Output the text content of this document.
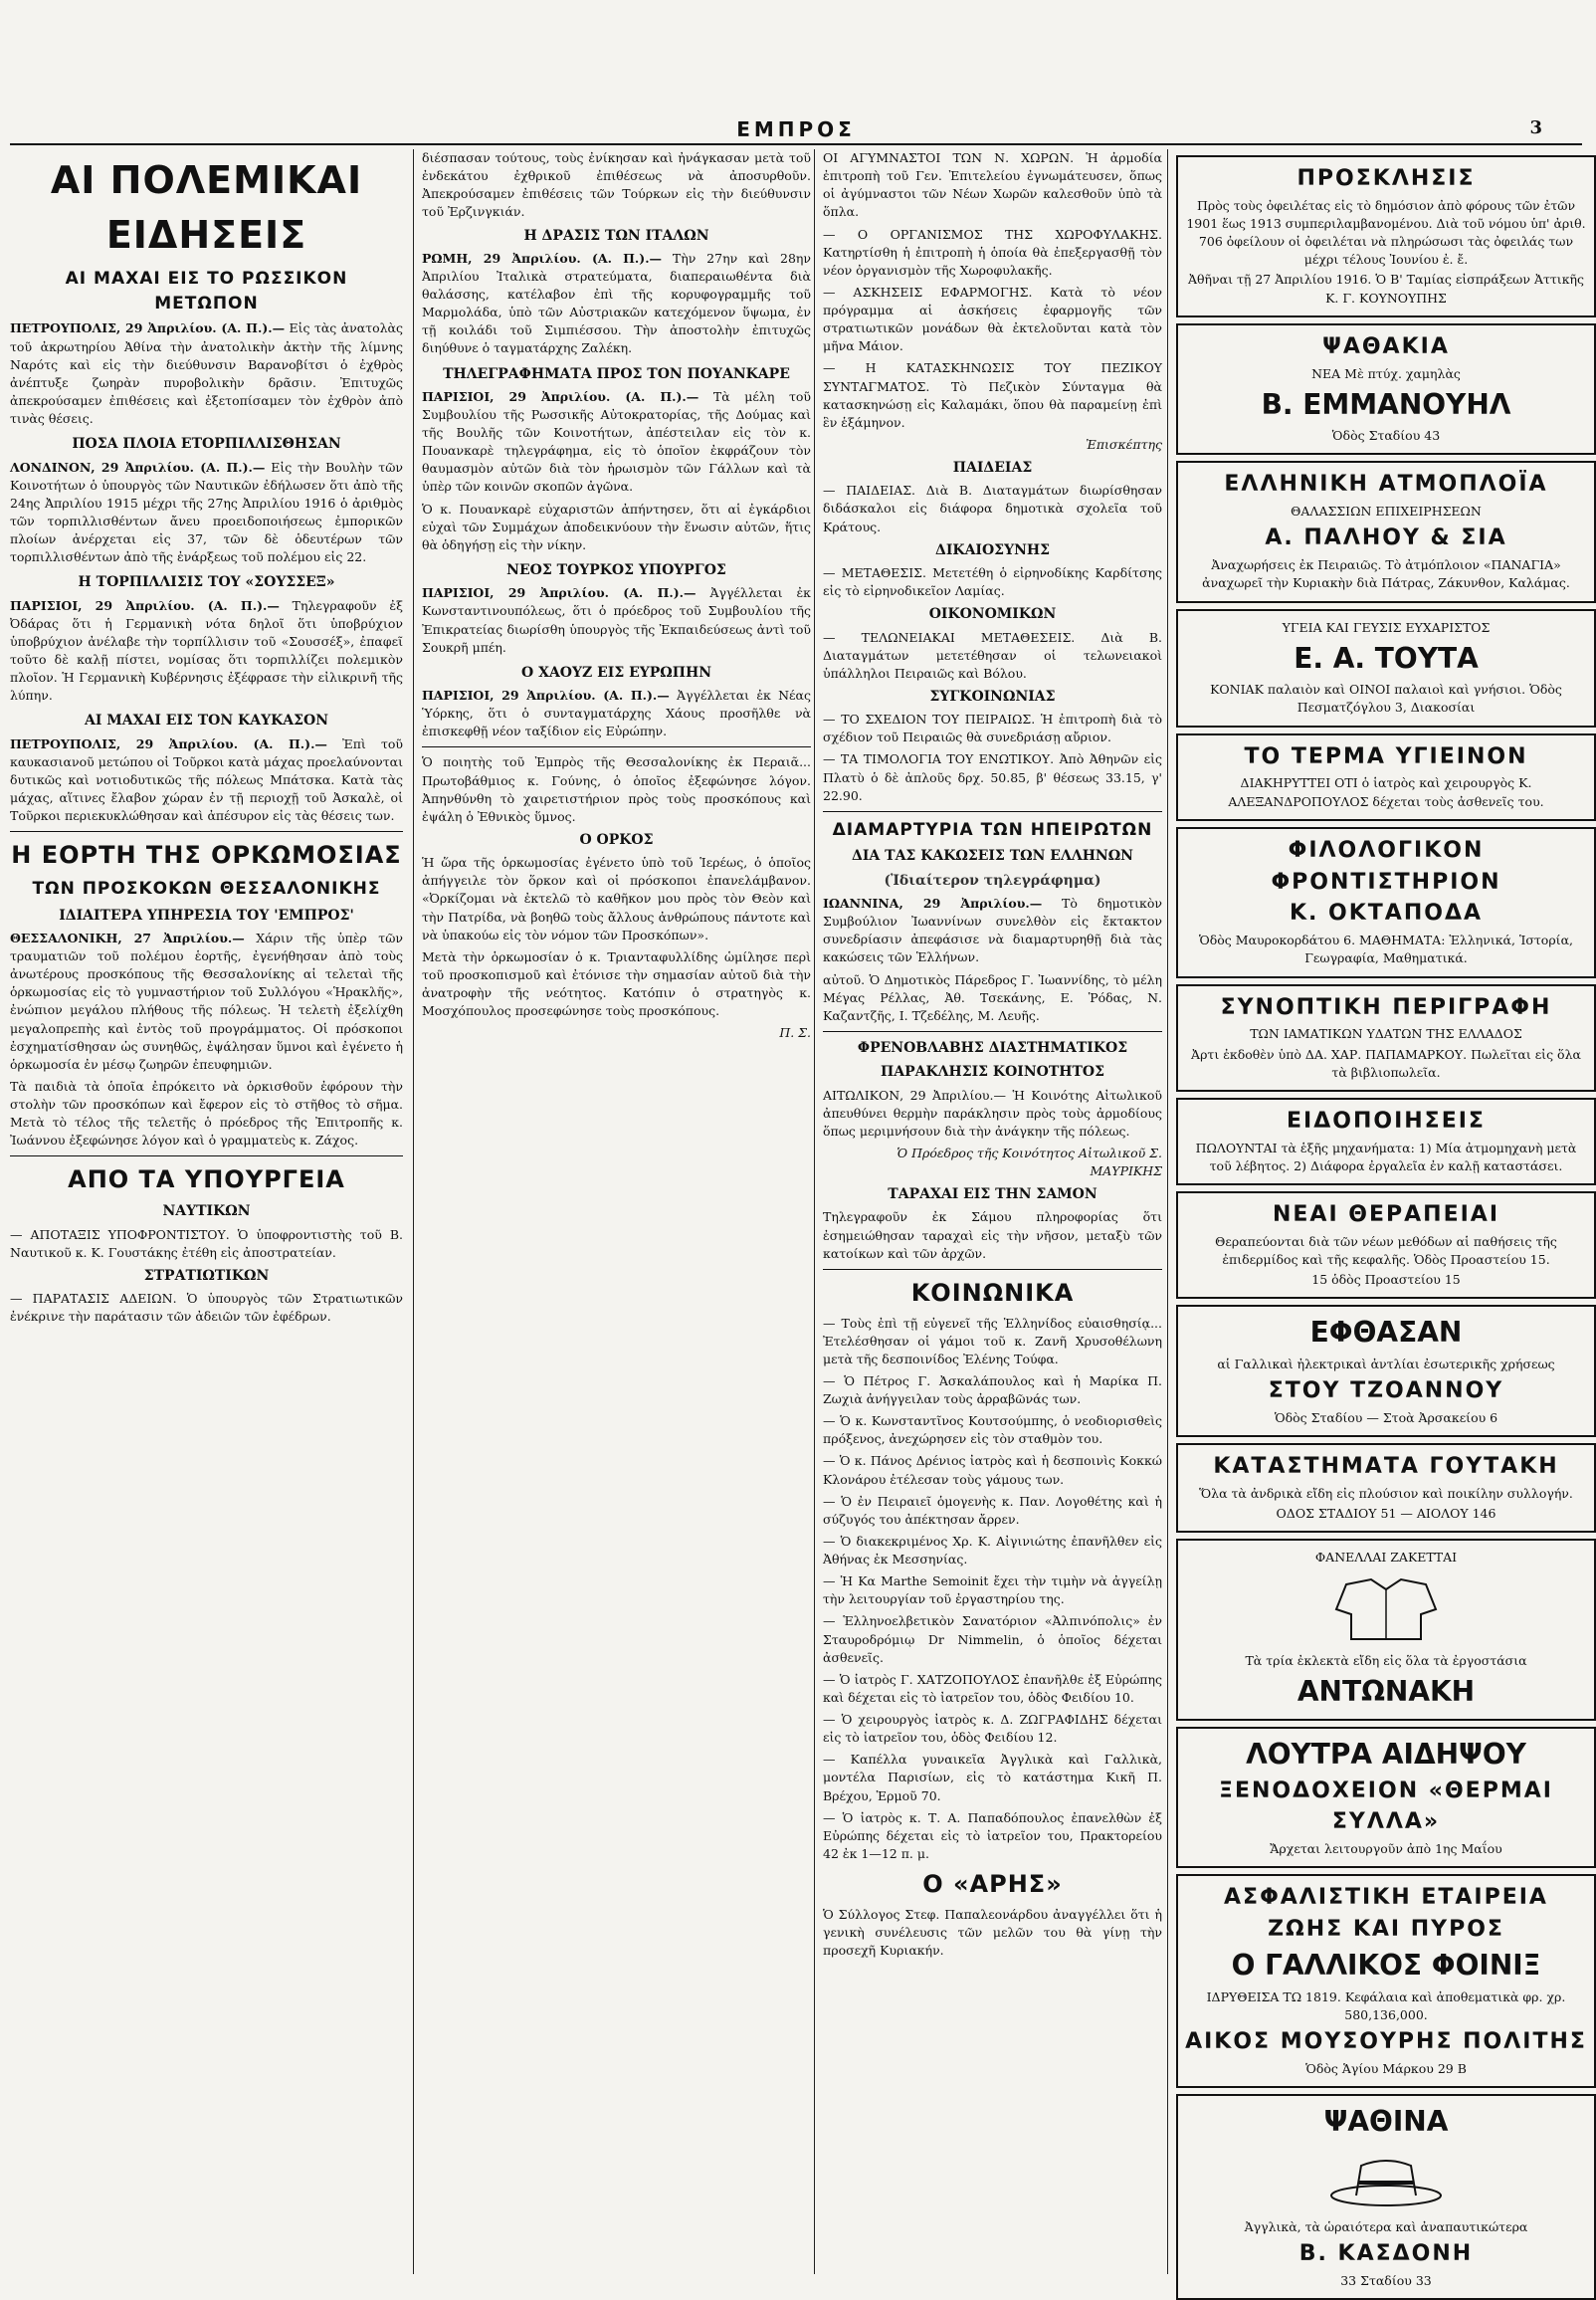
ΕΜΠΡΟΣ	3
ΑΙ ΠΟΛΕΜΙΚΑΙ ΕΙΔΗΣΕΙΣ
ΑΙ ΜΑΧΑΙ ΕΙΣ ΤΟ ΡΩΣΣΙΚΟΝ ΜΕΤΩΠΟΝ

ΠΕΤΡΟΥΠΟΛΙΣ, 29 Ἀπριλίου. (Α. Π.).— Εἰς τὰς ἀνατολὰς τοῦ ἀκρωτηρίου Ἀθίνα τὴν ἀνατολικὴν ἀκτὴν τῆς λίμνης Ναρότς καὶ εἰς τὴν διεύθυνσιν Βαρανοβίτσι ὁ ἐχθρὸς ἀνέπτυξε ζωηρὰν πυροβολικὴν δρᾶσιν. Ἐπιτυχῶς ἀπεκρούσαμεν ἐπιθέσεις καὶ ἐξετοπίσαμεν τὸν ἐχθρὸν ἀπὸ τινὰς θέσεις.

ΠΟΣΑ ΠΛΟΙΑ ΕΤΟΡΠΙΛΛΙΣΘΗΣΑΝ

ΛΟΝΔΙΝΟΝ, 29 Ἀπριλίου. (Α. Π.).— Εἰς τὴν Βουλὴν τῶν Κοινοτήτων ὁ ὑπουργὸς τῶν Ναυτικῶν ἐδήλωσεν ὅτι ἀπὸ τῆς 24ης Ἀπριλίου 1915 μέχρι τῆς 27ης Ἀπριλίου 1916 ὁ ἀριθμὸς τῶν τορπιλλισθέντων ἄνευ προειδοποιήσεως ἐμπορικῶν πλοίων ἀνέρχεται εἰς 37, τῶν δὲ ὁδευτέρων τῶν τορπιλλισθέντων ἀπὸ τῆς ἐνάρξεως τοῦ πολέμου εἰς 22.

Η ΤΟΡΠΙΛΛΙΣΙΣ ΤΟΥ «ΣΟΥΣΣΕΞ»

ΠΑΡΙΣΙΟΙ, 29 Ἀπριλίου. (Α. Π.).— Τηλεγραφοῦν ἐξ Ὀδάρας ὅτι ἡ Γερμανικὴ νότα δηλοῖ ὅτι ὑποβρύχιον ὑποβρύχιον ἀνέλαβε τὴν τορπίλλισιν τοῦ «Σουσσέξ», ἐπαφεῖ τοῦτο δὲ καλῇ πίστει, νομίσας ὅτι τορπιλλίζει πολεμικὸν πλοῖον. Ἡ Γερμανικὴ Κυβέρνησις ἐξέφρασε τὴν εἰλικρινῆ τῆς λύπην.

ΑΙ ΜΑΧΑΙ ΕΙΣ ΤΟΝ ΚΑΥΚΑΣΟΝ

ΠΕΤΡΟΥΠΟΛΙΣ, 29 Ἀπριλίου. (Α. Π.).— Ἐπὶ τοῦ καυκασιανοῦ μετώπου οἱ Τοῦρκοι κατὰ μάχας προελαύνονται δυτικῶς καὶ νοτιοδυτικῶς τῆς πόλεως Μπάτσκα. Κατὰ τὰς μάχας, αἵτινες ἔλαβον χώραν ἐν τῇ περιοχῇ τοῦ Ἀσκαλὲ, οἱ Τοῦρκοι περιεκυκλώθησαν καὶ ἀπέσυρον εἰς τὰς θέσεις των.

Η ΕΟΡΤΗ ΤΗΣ ΟΡΚΩΜΟΣΙΑΣ
ΤΩΝ ΠΡΟΣΚΟΚΩΝ ΘΕΣΣΑΛΟΝΙΚΗΣ
ΙΔΙΑΙΤΕΡΑ ΥΠΗΡΕΣΙΑ ΤΟΥ 'ΕΜΠΡΟΣ'

ΘΕΣΣΑΛΟΝΙΚΗ, 27 Ἀπριλίου.— Χάριν τῆς ὑπὲρ τῶν τραυματιῶν τοῦ πολέμου ἑορτῆς, ἐγενήθησαν ἀπὸ τοὺς ἀνωτέρους προσκόπους τῆς Θεσσαλονίκης αἱ τελεταὶ τῆς ὁρκωμοσίας εἰς τὸ γυμναστήριον τοῦ Συλλόγου «Ἡρακλῆς», ἐνώπιον μεγάλου πλήθους τῆς πόλεως. Ἡ τελετὴ ἐξελίχθη μεγαλοπρεπὴς καὶ ἐντὸς τοῦ προγράμματος. Οἱ πρόσκοποι ἐσχηματίσθησαν ὡς συνηθῶς, ἐψάλησαν ὕμνοι καὶ ἐγένετο ἡ ὁρκωμοσία ἐν μέσῳ ζωηρῶν ἐπευφημιῶν.

Τὰ παιδιὰ τὰ ὁποῖα ἐπρόκειτο νὰ ὁρκισθοῦν ἐφόρουν τὴν στολὴν τῶν προσκόπων καὶ ἔφερον εἰς τὸ στῆθος τὸ σῆμα. Μετὰ τὸ τέλος τῆς τελετῆς ὁ πρόεδρος τῆς Ἐπιτροπῆς κ. Ἰωάννου ἐξεφώνησε λόγον καὶ ὁ γραμματεὺς κ. Ζάχος.

ΑΠΟ ΤΑ ΥΠΟΥΡΓΕΙΑ
ΝΑΥΤΙΚΩΝ

— ΑΠΟΤΑΞΙΣ ΥΠΟΦΡΟΝΤΙΣΤΟΥ. Ὁ ὑποφροντιστὴς τοῦ Β. Ναυτικοῦ κ. Κ. Γουστάκης ἐτέθη εἰς ἀποστρατείαν.

ΣΤΡΑΤΙΩΤΙΚΩΝ

— ΠΑΡΑΤΑΣΙΣ ΑΔΕΙΩΝ. Ὁ ὑπουργὸς τῶν Στρατιωτικῶν ἐνέκρινε τὴν παράτασιν τῶν ἀδειῶν τῶν ἐφέδρων.

διέσπασαν τούτους, τοὺς ἐνίκησαν καὶ ἠνάγκασαν μετὰ τοῦ ἐνδεκάτου ἐχθρικοῦ ἐπιθέσεως νὰ ἀποσυρθοῦν. Ἀπεκρούσαμεν ἐπιθέσεις τῶν Τούρκων εἰς τὴν διεύθυνσιν τοῦ Ἐρζινγκιάν.

Η ΔΡΑΣΙΣ ΤΩΝ ΙΤΑΛΩΝ

ΡΩΜΗ, 29 Ἀπριλίου. (Α. Π.).— Τὴν 27ην καὶ 28ην Ἀπριλίου Ἰταλικὰ στρατεύματα, διαπεραιωθέντα διὰ θαλάσσης, κατέλαβον ἐπὶ τῆς κορυφογραμμῆς τοῦ Μαρμολάδα, ὑπὸ τῶν Αὐστριακῶν κατεχόμενον ὕψωμα, ἐν τῇ κοιλάδι τοῦ Σιμπιέσσου. Τὴν ἀποστολὴν ἐπιτυχῶς διηύθυνε ὁ ταγματάρχης Ζαλέκη.

ΤΗΛΕΓΡΑΦΗΜΑΤΑ ΠΡΟΣ ΤΟΝ ΠΟΥΑΝΚΑΡΕ

ΠΑΡΙΣΙΟΙ, 29 Ἀπριλίου. (Α. Π.).— Τὰ μέλη τοῦ Συμβουλίου τῆς Ρωσσικῆς Αὐτοκρατορίας, τῆς Δούμας καὶ τῆς Βουλῆς τῶν Κοινοτήτων, ἀπέστειλαν εἰς τὸν κ. Πουανκαρὲ τηλεγράφημα, εἰς τὸ ὁποῖον ἐκφράζουν τὸν θαυμασμὸν αὐτῶν διὰ τὸν ἡρωισμὸν τῶν Γάλλων καὶ τὰ ὑπὲρ τῶν κοινῶν σκοπῶν ἀγῶνα.

Ὁ κ. Πουανκαρὲ εὐχαριστῶν ἀπήντησεν, ὅτι αἱ ἐγκάρδιοι εὐχαὶ τῶν Συμμάχων ἀποδεικνύουν τὴν ἕνωσιν αὐτῶν, ἥτις θὰ ὁδηγήσῃ εἰς τὴν νίκην.

ΝΕΟΣ ΤΟΥΡΚΟΣ ΥΠΟΥΡΓΟΣ

ΠΑΡΙΣΙΟΙ, 29 Ἀπριλίου. (Α. Π.).— Ἀγγέλλεται ἐκ Κωνσταντινουπόλεως, ὅτι ὁ πρόεδρος τοῦ Συμβουλίου τῆς Ἐπικρατείας διωρίσθη ὑπουργὸς τῆς Ἐκπαιδεύσεως ἀντὶ τοῦ Σουκρῆ μπέη.

Ο ΧΑΟΥΖ ΕΙΣ ΕΥΡΩΠΗΝ

ΠΑΡΙΣΙΟΙ, 29 Ἀπριλίου. (Α. Π.).— Ἀγγέλλεται ἐκ Νέας Ὑόρκης, ὅτι ὁ συνταγματάρχης Χάους προσῆλθε νὰ ἐπισκεφθῇ νέον ταξίδιον εἰς Εὐρώπην.

Ὁ ποιητὴς τοῦ Ἐμπρὸς τῆς Θεσσαλονίκης ἐκ Περαιᾶ... Πρωτοβάθμιος κ. Γούνης, ὁ ὁποῖος ἐξεφώνησε λόγον. Ἀπηνθύνθη τὸ χαιρετιστήριον πρὸς τοὺς προσκόπους καὶ ἐψάλη ὁ Ἐθνικὸς ὕμνος.

Ο ΟΡΚΟΣ

Ἡ ὥρα τῆς ὁρκωμοσίας ἐγένετο ὑπὸ τοῦ Ἱερέως, ὁ ὁποῖος ἀπήγγειλε τὸν ὅρκον καὶ οἱ πρόσκοποι ἐπανελάμβανον. «Ὀρκίζομαι νὰ ἐκτελῶ τὸ καθῆκον μου πρὸς τὸν Θεὸν καὶ τὴν Πατρίδα, νὰ βοηθῶ τοὺς ἄλλους ἀνθρώπους πάντοτε καὶ νὰ ὑπακούω εἰς τὸν νόμον τῶν Προσκόπων».

Μετὰ τὴν ὁρκωμοσίαν ὁ κ. Τριανταφυλλίδης ὡμίλησε περὶ τοῦ προσκοπισμοῦ καὶ ἐτόνισε τὴν σημασίαν αὐτοῦ διὰ τὴν ἀνατροφὴν τῆς νεότητος. Κατόπιν ὁ στρατηγὸς κ. Μοσχόπουλος προσεφώνησε τοὺς προσκόπους.

Π. Σ.

ΟΙ ΑΓΥΜΝΑΣΤΟΙ ΤΩΝ Ν. ΧΩΡΩΝ. Ἡ ἀρμοδία ἐπιτροπὴ τοῦ Γεν. Ἐπιτελείου ἐγνωμάτευσεν, ὅπως οἱ ἀγύμναστοι τῶν Νέων Χωρῶν καλεσθοῦν ὑπὸ τὰ ὅπλα.

— Ο ΟΡΓΑΝΙΣΜΟΣ ΤΗΣ ΧΩΡΟΦΥΛΑΚΗΣ. Κατηρτίσθη ἡ ἐπιτροπὴ ἡ ὁποία θὰ ἐπεξεργασθῇ τὸν νέον ὀργανισμὸν τῆς Χωροφυλακῆς.

— ΑΣΚΗΣΕΙΣ ΕΦΑΡΜΟΓΗΣ. Κατὰ τὸ νέον πρόγραμμα αἱ ἀσκήσεις ἐφαρμογῆς τῶν στρατιωτικῶν μονάδων θὰ ἐκτελοῦνται κατὰ τὸν μῆνα Μάιον.

— Η ΚΑΤΑΣΚΗΝΩΣΙΣ ΤΟΥ ΠΕΖΙΚΟΥ ΣΥΝΤΑΓΜΑΤΟΣ. Τὸ Πεζικὸν Σύνταγμα θὰ κατασκηνώσῃ εἰς Καλαμάκι, ὅπου θὰ παραμείνῃ ἐπὶ ἓν ἑξάμηνον.

Ἐπισκέπτης
ΠΑΙΔΕΙΑΣ

— ΠΑΙΔΕΙΑΣ. Διὰ Β. Διαταγμάτων διωρίσθησαν διδάσκαλοι εἰς διάφορα δημοτικὰ σχολεῖα τοῦ Κράτους.

ΔΙΚΑΙΟΣΥΝΗΣ

— ΜΕΤΑΘΕΣΙΣ. Μετετέθη ὁ εἰρηνοδίκης Καρδίτσης εἰς τὸ εἰρηνοδικεῖον Λαμίας.

ΟΙΚΟΝΟΜΙΚΩΝ

— ΤΕΛΩΝΕΙΑΚΑΙ ΜΕΤΑΘΕΣΕΙΣ. Διὰ Β. Διαταγμάτων μετετέθησαν οἱ τελωνειακοὶ ὑπάλληλοι Πειραιῶς καὶ Βόλου.

ΣΥΓΚΟΙΝΩΝΙΑΣ

— ΤΟ ΣΧΕΔΙΟΝ ΤΟΥ ΠΕΙΡΑΙΩΣ. Ἡ ἐπιτροπὴ διὰ τὸ σχέδιον τοῦ Πειραιῶς θὰ συνεδριάσῃ αὔριον.

— ΤΑ ΤΙΜΟΛΟΓΙΑ ΤΟΥ ΕΝΩΤΙΚΟΥ. Ἀπὸ Ἀθηνῶν εἰς Πλατὺ ὁ δὲ ἀπλοῦς δρχ. 50.85, β' θέσεως 33.15, γ' 22.90.

ΔΙΑΜΑΡΤΥΡΙΑ ΤΩΝ ΗΠΕΙΡΩΤΩΝ
ΔΙΑ ΤΑΣ ΚΑΚΩΣΕΙΣ ΤΩΝ ΕΛΛΗΝΩΝ
(Ἰδιαίτερον τηλεγράφημα)

ΙΩΑΝΝΙΝΑ, 29 Ἀπριλίου.— Τὸ δημοτικὸν Συμβούλιον Ἰωαννίνων συνελθὸν εἰς ἔκτακτον συνεδρίασιν ἀπεφάσισε νὰ διαμαρτυρηθῇ διὰ τὰς κακώσεις τῶν Ἑλλήνων.

αὐτοῦ. Ὁ Δημοτικὸς Πάρεδρος Γ. Ἰωαννίδης, τὸ μέλη Μέγας Ρέλλας, Ἀθ. Τσεκάνης, Ε. Ῥόδας, Ν. Καζαντζῆς, Ι. Τζεδέλης, Μ. Λευῆς.

ΦΡΕΝΟΒΛΑΒΗΣ ΔΙΑΣΤΗΜΑΤΙΚΟΣ
ΠΑΡΑΚΛΗΣΙΣ ΚΟΙΝΟΤΗΤΟΣ

ΑΙΤΩΛΙΚΟΝ, 29 Ἀπριλίου.— Ἡ Κοινότης Αἰτωλικοῦ ἀπευθύνει θερμὴν παράκλησιν πρὸς τοὺς ἀρμοδίους ὅπως μεριμνήσουν διὰ τὴν ἀνάγκην τῆς πόλεως.

Ὁ Πρόεδρος τῆς Κοινότητος Αἰτωλικοῦ Σ. ΜΑΥΡΙΚΗΣ
ΤΑΡΑΧΑΙ ΕΙΣ ΤΗΝ ΣΑΜΟΝ

Τηλεγραφοῦν ἐκ Σάμου πληροφορίας ὅτι ἐσημειώθησαν ταραχαὶ εἰς τὴν νῆσον, μεταξὺ τῶν κατοίκων καὶ τῶν ἀρχῶν.

ΚΟΙΝΩΝΙΚΑ

— Τοὺς ἐπὶ τῇ εὐγενεῖ τῆς Ἑλληνίδος εὐαισθησίᾳ... Ἐτελέσθησαν οἱ γάμοι τοῦ κ. Ζανῆ Χρυσοθέλωνη μετὰ τῆς δεσποινίδος Ἐλένης Τούφα.

— Ὁ Πέτρος Γ. Ἀσκαλάπουλος καὶ ἡ Μαρίκα Π. Ζωχιὰ ἀνήγγειλαν τοὺς ἀρραβῶνάς των.

— Ὁ κ. Κωνσταντῖνος Κουτσούμπης, ὁ νεοδιορισθεὶς πρόξενος, ἀνεχώρησεν εἰς τὸν σταθμὸν του.

— Ὁ κ. Πάνος Δρένιος ἰατρὸς καὶ ἡ δεσποινὶς Κοκκώ Κλονάρου ἐτέλεσαν τοὺς γάμους των.

— Ὁ ἐν Πειραιεῖ ὁμογενὴς κ. Παν. Λογοθέτης καὶ ἡ σύζυγός του ἀπέκτησαν ἄρρεν.

— Ὁ διακεκριμένος Χρ. Κ. Αἰγινιώτης ἐπανῆλθεν εἰς Ἀθήνας ἐκ Μεσσηνίας.

— Ἡ Κα Marthe Semoinit ἔχει τὴν τιμὴν νὰ ἀγγείλῃ τὴν λειτουργίαν τοῦ ἐργαστηρίου της.

— Ἑλληνοελβετικὸν Σανατόριον «Ἀλπινόπολις» ἐν Σταυροδρόμιῳ Dr Nimmelin, ὁ ὁποῖος δέχεται ἀσθενεῖς.

— Ὁ ἰατρὸς Γ. ΧΑΤΖΟΠΟΥΛΟΣ ἐπανῆλθε ἐξ Εὐρώπης καὶ δέχεται εἰς τὸ ἰατρεῖον του, ὁδὸς Φειδίου 10.

— Ὁ χειρουργὸς ἰατρὸς κ. Δ. ΖΩΓΡΑΦΙΔΗΣ δέχεται εἰς τὸ ἰατρεῖον του, ὁδὸς Φειδίου 12.

— Καπέλλα γυναικεῖα Ἀγγλικὰ καὶ Γαλλικὰ, μοντέλα Παρισίων, εἰς τὸ κατάστημα Κικῆ Π. Βρέχου, Ἑρμοῦ 70.

— Ὁ ἰατρὸς κ. Τ. Α. Παπαδόπουλος ἐπανελθὼν ἐξ Εὐρώπης δέχεται εἰς τὸ ἰατρεῖον του, Πρακτορείου 42 ἐκ 1—12 π. μ.

Ο «ΑΡΗΣ»

Ὁ Σύλλογος Στεφ. Παπαλεονάρδου ἀναγγέλλει ὅτι ἡ γενικὴ συνέλευσις τῶν μελῶν του θὰ γίνῃ τὴν προσεχῆ Κυριακήν.

ΠΡΟΣΚΛΗΣΙΣ
Πρὸς τοὺς ὀφειλέτας εἰς τὸ δημόσιον ἀπὸ φόρους τῶν ἐτῶν 1901 ἕως 1913 συμπεριλαμβανομένου. Διὰ τοῦ νόμου ὑπ' ἀριθ. 706 ὀφείλουν οἱ ὀφειλέται νὰ πληρώσωσι τὰς ὀφειλάς των μέχρι τέλους Ἰουνίου ἐ. ἔ.
Ἀθῆναι τῇ 27 Ἀπριλίου 1916. Ὁ Β' Ταμίας εἰσπράξεων Ἀττικῆς Κ. Γ. ΚΟΥΝΟΥΠΗΣ
ΨΑΘΑΚΙΑ
ΝΕΑ Μὲ πτύχ. χαμηλὰς
Β. ΕΜΜΑΝΟΥΗΛ
Ὁδὸς Σταδίου 43
ΕΛΛΗΝΙΚΗ ΑΤΜΟΠΛΟΪΑ
ΘΑΛΑΣΣΙΩΝ ΕΠΙΧΕΙΡΗΣΕΩΝ
Α. ΠΑΛΗΟΥ & ΣΙΑ
Ἀναχωρήσεις ἐκ Πειραιῶς. Τὸ ἀτμόπλοιον «ΠΑΝΑΓΙΑ» ἀναχωρεῖ τὴν Κυριακὴν διὰ Πάτρας, Ζάκυνθον, Καλάμας.
ΥΓΕΙΑ ΚΑΙ ΓΕΥΣΙΣ ΕΥΧΑΡΙΣΤΟΣ
Ε. Α. ΤΟΥΤΑ
ΚΟΝΙΑΚ παλαιὸν καὶ ΟΙΝΟΙ παλαιοὶ καὶ γνήσιοι. Ὁδὸς Πεσματζόγλου 3, Διακοσίαι
ΤΟ ΤΕΡΜΑ ΥΓΙΕΙΝΟΝ
ΔΙΑΚΗΡΥΤΤΕΙ ΟΤΙ ὁ ἱατρὸς καὶ χειρουργὸς Κ. ΑΛΕΞΑΝΔΡΟΠΟΥΛΟΣ δέχεται τοὺς ἀσθενεῖς του.
ΦΙΛΟΛΟΓΙΚΟΝ ΦΡΟΝΤΙΣΤΗΡΙΟΝ
Κ. ΟΚΤΑΠΟΔΑ
Ὁδὸς Μαυροκορδάτου 6. ΜΑΘΗΜΑΤΑ: Ἑλληνικά, Ἱστορία, Γεωγραφία, Μαθηματικά.
ΣΥΝΟΠΤΙΚΗ ΠΕΡΙΓΡΑΦΗ
ΤΩΝ ΙΑΜΑΤΙΚΩΝ ΥΔΑΤΩΝ ΤΗΣ ΕΛΛΑΔΟΣ
Ἀρτι ἐκδοθὲν ὑπὸ ΔΑ. ΧΑΡ. ΠΑΠΑΜΑΡΚΟΥ. Πωλεῖται εἰς ὅλα τὰ βιβλιοπωλεῖα.
ΕΙΔΟΠΟΙΗΣΕΙΣ
ΠΩΛΟΥΝΤΑΙ τὰ ἑξῆς μηχανήματα: 1) Μία ἀτμομηχανὴ μετὰ τοῦ λέβητος. 2) Διάφορα ἐργαλεῖα ἐν καλῇ καταστάσει.
ΝΕΑΙ ΘΕΡΑΠΕΙΑΙ
Θεραπεύονται διὰ τῶν νέων μεθόδων αἱ παθήσεις τῆς ἐπιδερμίδος καὶ τῆς κεφαλῆς. Ὁδὸς Προαστείου 15.
15 ὁδὸς Προαστείου 15
ΕΦΘΑΣΑΝ
αἱ Γαλλικαὶ ἠλεκτρικαὶ ἀντλίαι ἐσωτερικῆς χρήσεως
ΣΤΟΥ ΤΖΟΑΝΝΟΥ
Ὁδὸς Σταδίου — Στοὰ Ἀρσακείου 6
ΚΑΤΑΣΤΗΜΑΤΑ ΓΟΥΤΑΚΗ
Ὅλα τὰ ἀνδρικὰ εἴδη εἰς πλούσιον καὶ ποικίλην συλλογήν.
ΟΔΟΣ ΣΤΑΔΙΟΥ 51 — ΑΙΟΛΟΥ 146
ΦΑΝΕΛΛΑΙ ΖΑΚΕΤΤΑΙ
Τὰ τρία ἐκλεκτὰ εἴδη εἰς ὅλα τὰ ἐργοστάσια
ΑΝΤΩΝΑΚΗ
ΛΟΥΤΡΑ ΑΙΔΗΨΟΥ
ΞΕΝΟΔΟΧΕΙΟΝ «ΘΕΡΜΑΙ ΣΥΛΛΑ»
Ἄρχεται λειτουργοῦν ἀπὸ 1ης Μαΐου
ΑΣΦΑΛΙΣΤΙΚΗ ΕΤΑΙΡΕΙΑ ΖΩΗΣ ΚΑΙ ΠΥΡΟΣ
Ο ΓΑΛΛΙΚΟΣ ΦΟΙΝΙΞ
ΙΔΡΥΘΕΙΣΑ ΤΩ 1819. Κεφάλαια καὶ ἀποθεματικὰ φρ. χρ. 580,136,000.
ΑΙΚΟΣ ΜΟΥΣΟΥΡΗΣ ΠΟΛΙΤΗΣ
Ὁδὸς Ἁγίου Μάρκου 29 Β
ΨΑΘΙΝΑ
Ἀγγλικὰ, τὰ ὡραιότερα καὶ ἀναπαυτικώτερα
Β. ΚΑΣΔΟΝΗ
33 Σταδίου 33
